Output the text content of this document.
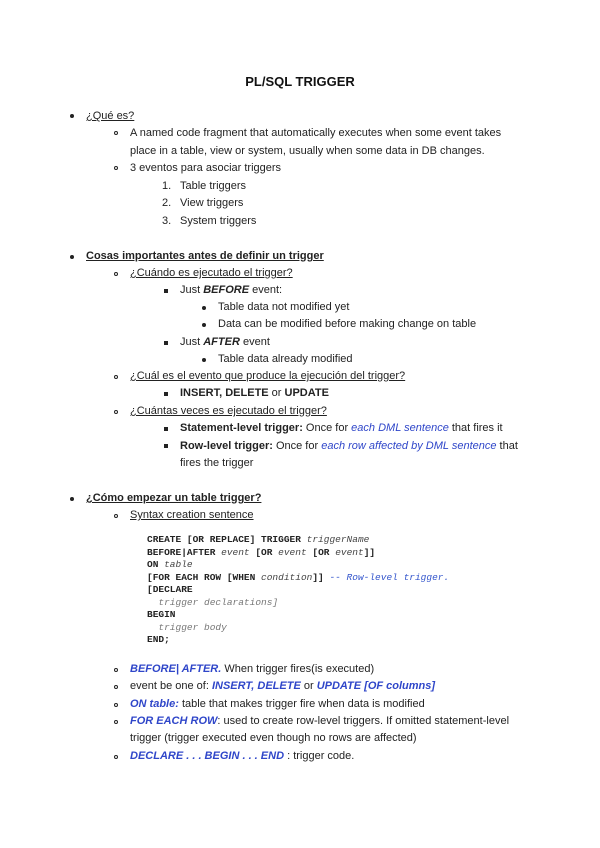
PL/SQL TRIGGER
¿Qué es?
A named code fragment that automatically executes when some event takes
place in a table, view or system, usually when some data in DB changes.
3 eventos para asociar triggers
1. Table triggers
2. View triggers
3. System triggers
Cosas importantes antes de definir un trigger
¿Cuándo es ejecutado el trigger?
Just BEFORE event:
Table data not modified yet
Data can be modified before making change on table
Just AFTER event
Table data already modified
¿Cuál es el evento que produce la ejecución del trigger?
INSERT, DELETE or UPDATE
¿Cuántas veces es ejecutado el trigger?
Statement-level trigger: Once for each DML sentence that fires it
Row-level trigger: Once for each row affected by DML sentence that
fires the trigger
¿Cómo empezar un table trigger?
Syntax creation sentence
CREATE [OR REPLACE] TRIGGER triggerName
BEFORE|AFTER event [OR event [OR event]]
ON table
[FOR EACH ROW [WHEN condition]] -- Row-level trigger.
[DECLARE
trigger declarations]
BEGIN
trigger body
END;
BEFORE| AFTER. When trigger fires(is executed)
event be one of: INSERT, DELETE or UPDATE [OF columns]
ON table: table that makes trigger fire when data is modified
FOR EACH ROW: used to create row-level triggers. If omitted statement-level
trigger (trigger executed even though no rows are affected)
DECLARE . . . BEGIN . . . END : trigger code.
